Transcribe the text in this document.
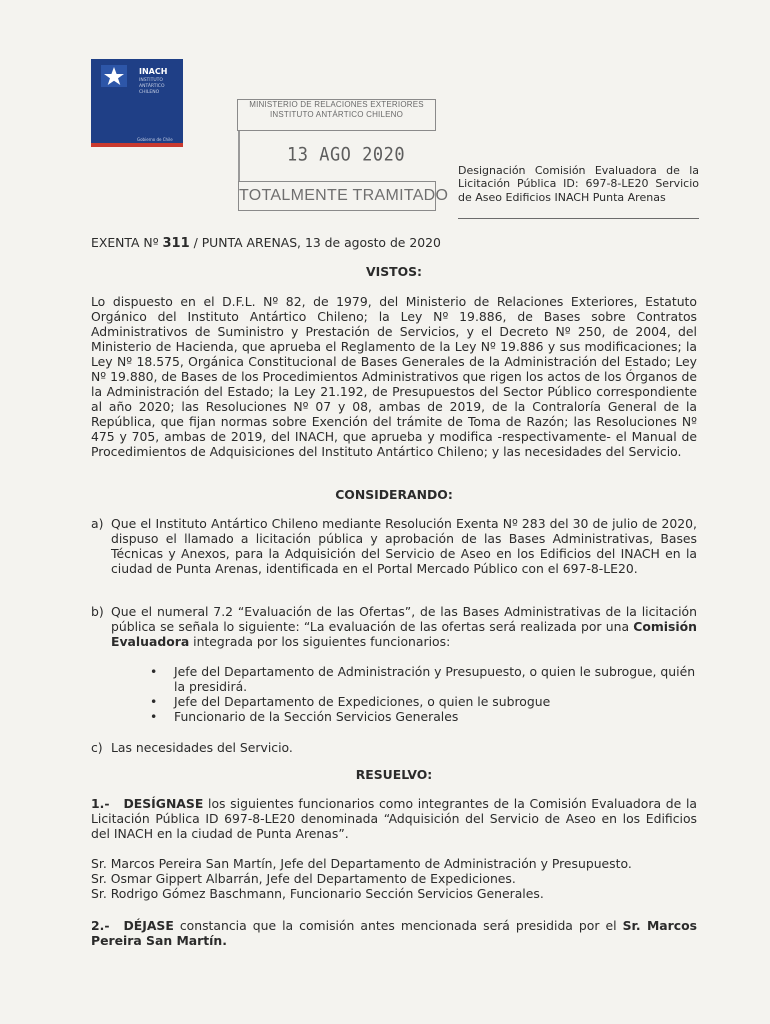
INACH
INSTITUTO ANTÁRTICO CHILENO
Gobierno de Chile
MINISTERIO DE RELACIONES EXTERIORES
INSTITUTO ANTÁRTICO CHILENO
13 AGO 2020
TOTALMENTE TRAMITADO
Designación Comisión Evaluadora de la Licitación Pública ID: 697-8-LE20 Servicio de Aseo Edificios INACH Punta Arenas
EXENTA Nº 311 / PUNTA ARENAS, 13 de agosto de 2020
VISTOS:
Lo dispuesto en el D.F.L. Nº 82, de 1979, del Ministerio de Relaciones Exteriores, Estatuto Orgánico del Instituto Antártico Chileno; la Ley Nº 19.886, de Bases sobre Contratos Administrativos de Suministro y Prestación de Servicios, y el Decreto Nº 250, de 2004, del Ministerio de Hacienda, que aprueba el Reglamento de la Ley Nº 19.886 y sus modificaciones; la Ley Nº 18.575, Orgánica Constitucional de Bases Generales de la Administración del Estado; Ley Nº 19.880, de Bases de los Procedimientos Administrativos que rigen los actos de los Órganos de la Administración del Estado; la Ley 21.192, de Presupuestos del Sector Público correspondiente al año 2020; las Resoluciones Nº 07 y 08, ambas de 2019, de la Contraloría General de la República, que fijan normas sobre Exención del trámite de Toma de Razón; las Resoluciones Nº 475 y 705, ambas de 2019, del INACH, que aprueba y modifica -respectivamente- el Manual de Procedimientos de Adquisiciones del Instituto Antártico Chileno; y las necesidades del Servicio.
CONSIDERANDO:
a) Que el Instituto Antártico Chileno mediante Resolución Exenta Nº 283 del 30 de julio de 2020, dispuso el llamado a licitación pública y aprobación de las Bases Administrativas, Bases Técnicas y Anexos, para la Adquisición del Servicio de Aseo en los Edificios del INACH en la ciudad de Punta Arenas, identificada en el Portal Mercado Público con el 697-8-LE20.
b) Que el numeral 7.2 “Evaluación de las Ofertas”, de las Bases Administrativas de la licitación pública se señala lo siguiente: “La evaluación de las ofertas será realizada por una Comisión Evaluadora integrada por los siguientes funcionarios:
• Jefe del Departamento de Administración y Presupuesto, o quien le subrogue, quién la presidirá.
• Jefe del Departamento de Expediciones, o quien le subrogue
• Funcionario de la Sección Servicios Generales
c) Las necesidades del Servicio.
RESUELVO:
1.- DESÍGNASE los siguientes funcionarios como integrantes de la Comisión Evaluadora de la Licitación Pública ID 697-8-LE20 denominada “Adquisición del Servicio de Aseo en los Edificios del INACH en la ciudad de Punta Arenas”.
Sr. Marcos Pereira San Martín, Jefe del Departamento de Administración y Presupuesto.
Sr. Osmar Gippert Albarrán, Jefe del Departamento de Expediciones.
Sr. Rodrigo Gómez Baschmann, Funcionario Sección Servicios Generales.
2.- DÉJASE constancia que la comisión antes mencionada será presidida por el Sr. Marcos Pereira San Martín.
